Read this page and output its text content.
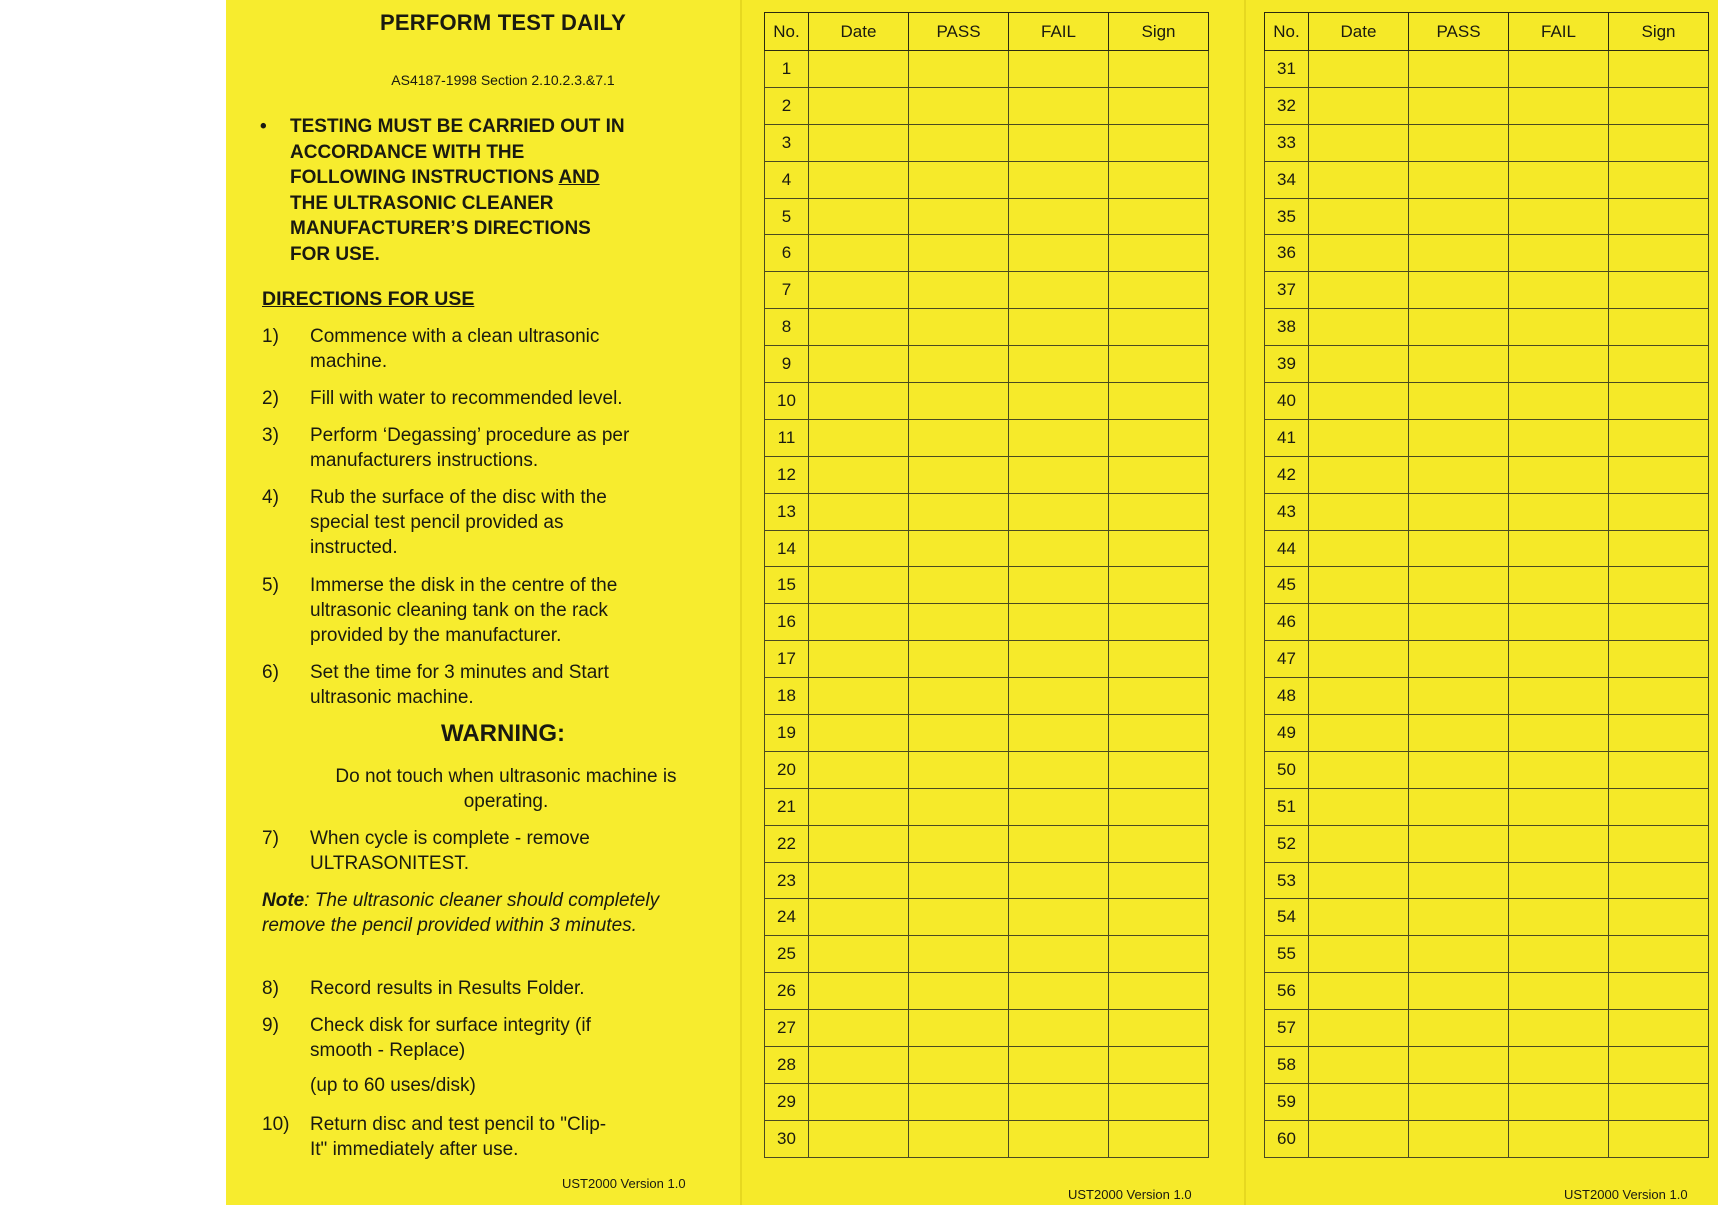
PERFORM TEST DAILY
AS4187-1998 Section 2.10.2.3.&7.1
• TESTING MUST BE CARRIED OUT IN
ACCORDANCE WITH THE
FOLLOWING INSTRUCTIONS AND
THE ULTRASONIC CLEANER
MANUFACTURER’S DIRECTIONS
FOR USE.
DIRECTIONS FOR USE
1) Commence with a clean ultrasonic machine.
2) Fill with water to recommended level.
3) Perform ‘Degassing’ procedure as per manufacturers instructions.
4) Rub the surface of the disc with the special test pencil provided as instructed.
5) Immerse the disk in the centre of the ultrasonic cleaning tank on the rack provided by the manufacturer.
6) Set the time for 3 minutes and Start ultrasonic machine.
WARNING:
Do not touch when ultrasonic machine is operating.
7) When cycle is complete - remove ULTRASONITEST.
Note: The ultrasonic cleaner should completely remove the pencil provided within 3 minutes.
8) Record results in Results Folder.
9) Check disk for surface integrity (if smooth - Replace)
(up to 60 uses/disk)
10) Return disc and test pencil to "Clip-It" immediately after use.
UST2000 Version 1.0
No.	Date	PASS	FAIL	Sign
1				
2				
3				
4				
5				
6				
7				
8				
9				
10				
11				
12				
13				
14				
15				
16				
17				
18				
19				
20				
21				
22				
23				
24				
25				
26				
27				
28				
29				
30				
UST2000 Version 1.0
No.	Date	PASS	FAIL	Sign
31				
32				
33				
34				
35				
36				
37				
38				
39				
40				
41				
42				
43				
44				
45				
46				
47				
48				
49				
50				
51				
52				
53				
54				
55				
56				
57				
58				
59				
60				
UST2000 Version 1.0
